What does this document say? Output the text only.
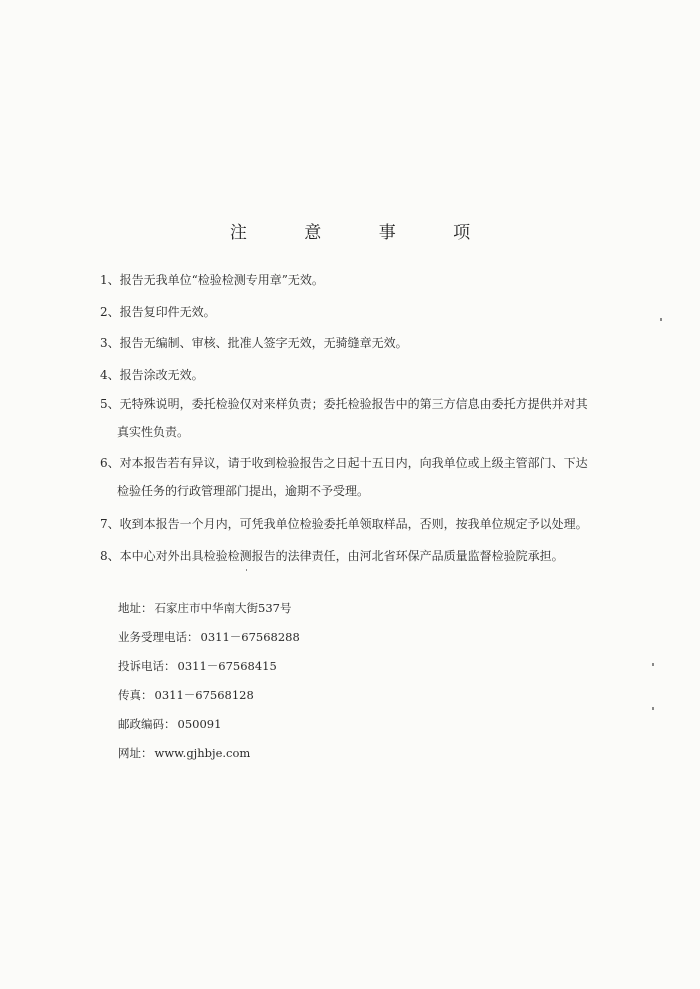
注 意 事 项

1、报告无我单位“检验检测专用章”无效。

2、报告复印件无效。

3、报告无编制、审核、批准人签字无效，无骑缝章无效。

4、报告涂改无效。

5、无特殊说明，委托检验仅对来样负责；委托检验报告中的第三方信息由委托方提供并对其
真实性负责。

6、对本报告若有异议，请于收到检验报告之日起十五日内，向我单位或上级主管部门、下达
检验任务的行政管理部门提出，逾期不予受理。

7、收到本报告一个月内，可凭我单位检验委托单领取样品，否则，按我单位规定予以处理。

8、本中心对外出具检验检测报告的法律责任，由河北省环保产品质量监督检验院承担。

地址： 石家庄市中华南大街537号

业务受理电话： 0311－67568288

投诉电话： 0311－67568415

传真： 0311－67568128

邮政编码： 050091

网址： www.gjhbje.com
